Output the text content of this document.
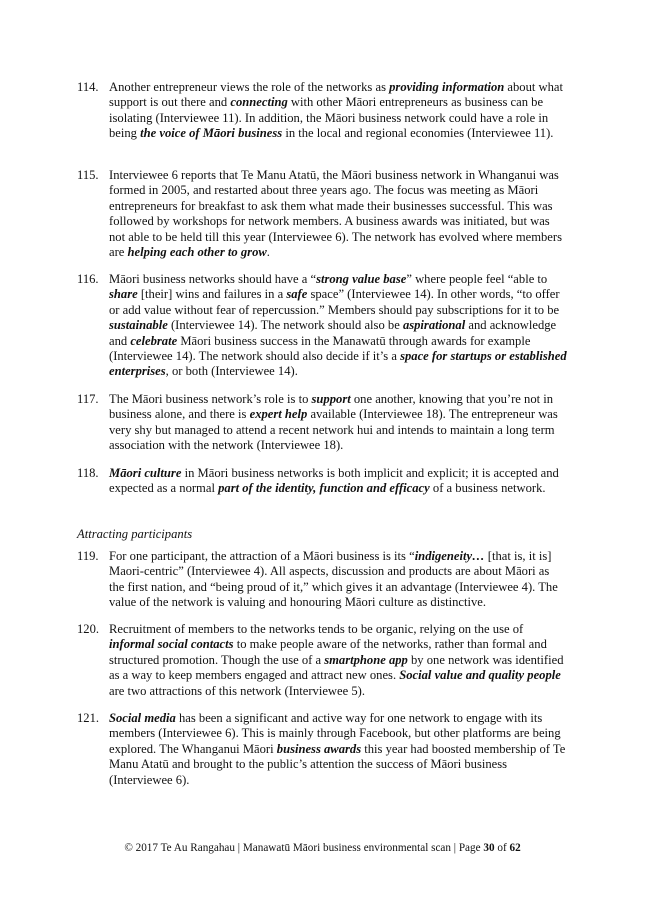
114. Another entrepreneur views the role of the networks as providing information about what support is out there and connecting with other Māori entrepreneurs as business can be isolating (Interviewee 11). In addition, the Māori business network could have a role in being the voice of Māori business in the local and regional economies (Interviewee 11).
115. Interviewee 6 reports that Te Manu Atatū, the Māori business network in Whanganui was formed in 2005, and restarted about three years ago. The focus was meeting as Māori entrepreneurs for breakfast to ask them what made their businesses successful. This was followed by workshops for network members. A business awards was initiated, but was not able to be held till this year (Interviewee 6). The network has evolved where members are helping each other to grow.
116. Māori business networks should have a “strong value base” where people feel “able to share [their] wins and failures in a safe space” (Interviewee 14). In other words, “to offer or add value without fear of repercussion.” Members should pay subscriptions for it to be sustainable (Interviewee 14). The network should also be aspirational and acknowledge and celebrate Māori business success in the Manawatū through awards for example (Interviewee 14). The network should also decide if it’s a space for startups or established enterprises, or both (Interviewee 14).
117. The Māori business network’s role is to support one another, knowing that you’re not in business alone, and there is expert help available (Interviewee 18). The entrepreneur was very shy but managed to attend a recent network hui and intends to maintain a long term association with the network (Interviewee 18).
118. Māori culture in Māori business networks is both implicit and explicit; it is accepted and expected as a normal part of the identity, function and efficacy of a business network.
Attracting participants
119. For one participant, the attraction of a Māori business is its “indigeneity… [that is, it is] Maori-centric” (Interviewee 4). All aspects, discussion and products are about Māori as the first nation, and “being proud of it,” which gives it an advantage (Interviewee 4). The value of the network is valuing and honouring Māori culture as distinctive.
120. Recruitment of members to the networks tends to be organic, relying on the use of informal social contacts to make people aware of the networks, rather than formal and structured promotion. Though the use of a smartphone app by one network was identified as a way to keep members engaged and attract new ones. Social value and quality people are two attractions of this network (Interviewee 5).
121. Social media has been a significant and active way for one network to engage with its members (Interviewee 6). This is mainly through Facebook, but other platforms are being explored. The Whanganui Māori business awards this year had boosted membership of Te Manu Atatū and brought to the public’s attention the success of Māori business (Interviewee 6).
© 2017 Te Au Rangahau | Manawatū Māori business environmental scan | Page 30 of 62
